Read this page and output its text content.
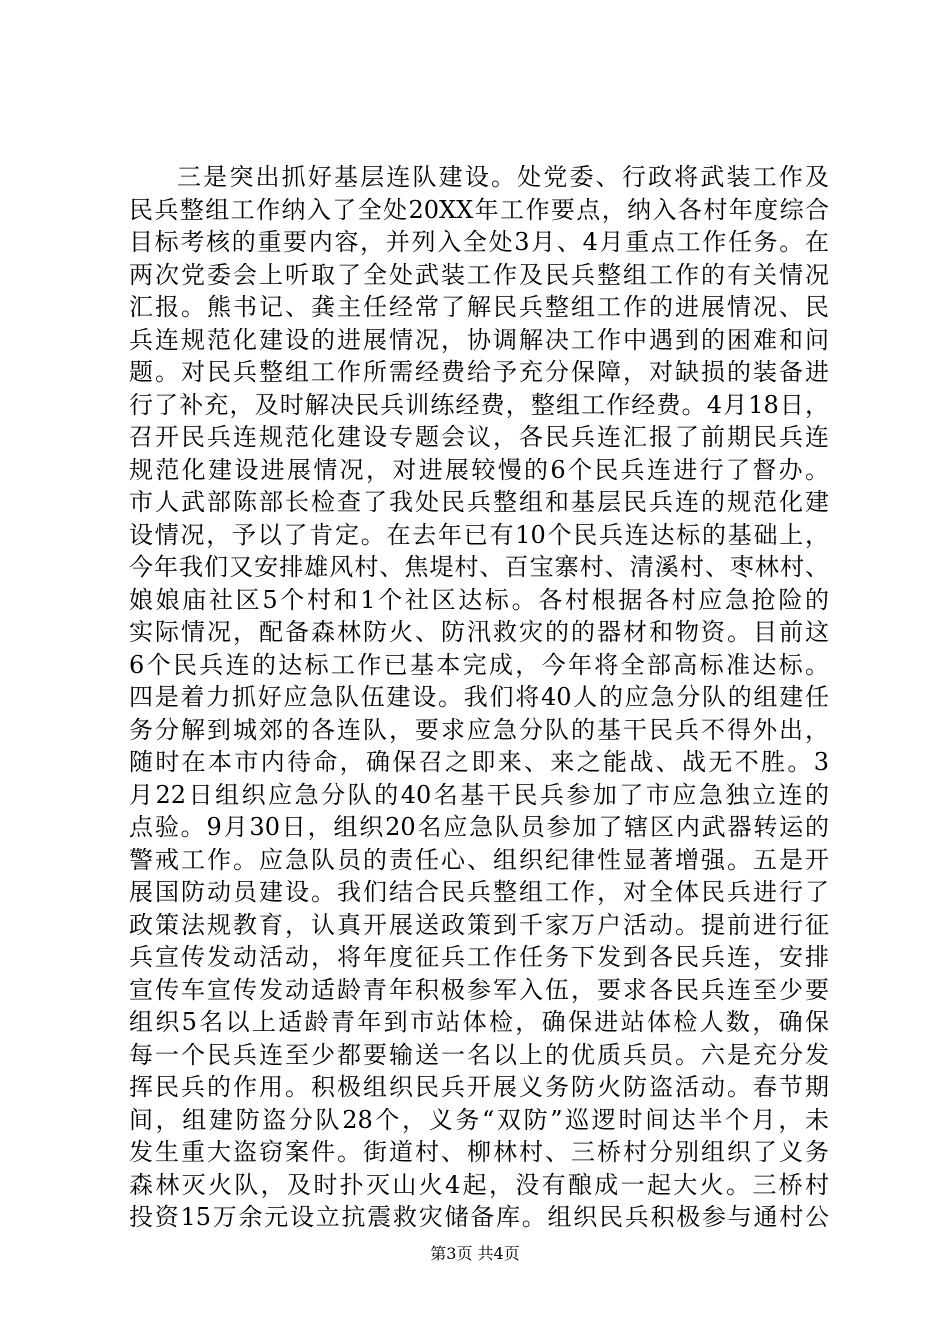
三是突出抓好基层连队建设。处党委、行政将武装工作及
民兵整组工作纳入了全处20XX年工作要点，纳入各村年度综合
目标考核的重要内容，并列入全处3月、4月重点工作任务。在
两次党委会上听取了全处武装工作及民兵整组工作的有关情况
汇报。熊书记、龚主任经常了解民兵整组工作的进展情况、民
兵连规范化建设的进展情况，协调解决工作中遇到的困难和问
题。对民兵整组工作所需经费给予充分保障，对缺损的装备进
行了补充，及时解决民兵训练经费，整组工作经费。4月18日，
召开民兵连规范化建设专题会议，各民兵连汇报了前期民兵连
规范化建设进展情况，对进展较慢的6个民兵连进行了督办。
市人武部陈部长检查了我处民兵整组和基层民兵连的规范化建
设情况，予以了肯定。在去年已有10个民兵连达标的基础上，
今年我们又安排雄风村、焦堤村、百宝寨村、清溪村、枣林村、
娘娘庙社区5个村和1个社区达标。各村根据各村应急抢险的
实际情况，配备森林防火、防汛救灾的的器材和物资。目前这
6个民兵连的达标工作已基本完成，今年将全部高标准达标。
四是着力抓好应急队伍建设。我们将40人的应急分队的组建任
务分解到城郊的各连队，要求应急分队的基干民兵不得外出，
随时在本市内待命，确保召之即来、来之能战、战无不胜。3
月22日组织应急分队的40名基干民兵参加了市应急独立连的
点验。9月30日，组织20名应急队员参加了辖区内武器转运的
警戒工作。应急队员的责任心、组织纪律性显著增强。五是开
展国防动员建设。我们结合民兵整组工作，对全体民兵进行了
政策法规教育，认真开展送政策到千家万户活动。提前进行征
兵宣传发动活动，将年度征兵工作任务下发到各民兵连，安排
宣传车宣传发动适龄青年积极参军入伍，要求各民兵连至少要
组织5名以上适龄青年到市站体检，确保进站体检人数，确保
每一个民兵连至少都要输送一名以上的优质兵员。六是充分发
挥民兵的作用。积极组织民兵开展义务防火防盗活动。春节期
间，组建防盗分队28个，义务“双防”巡逻时间达半个月，未
发生重大盗窃案件。街道村、柳林村、三桥村分别组织了义务
森林灭火队，及时扑灭山火4起，没有酿成一起大火。三桥村
投资15万余元设立抗震救灾储备库。组织民兵积极参与通村公
第3页 共4页
